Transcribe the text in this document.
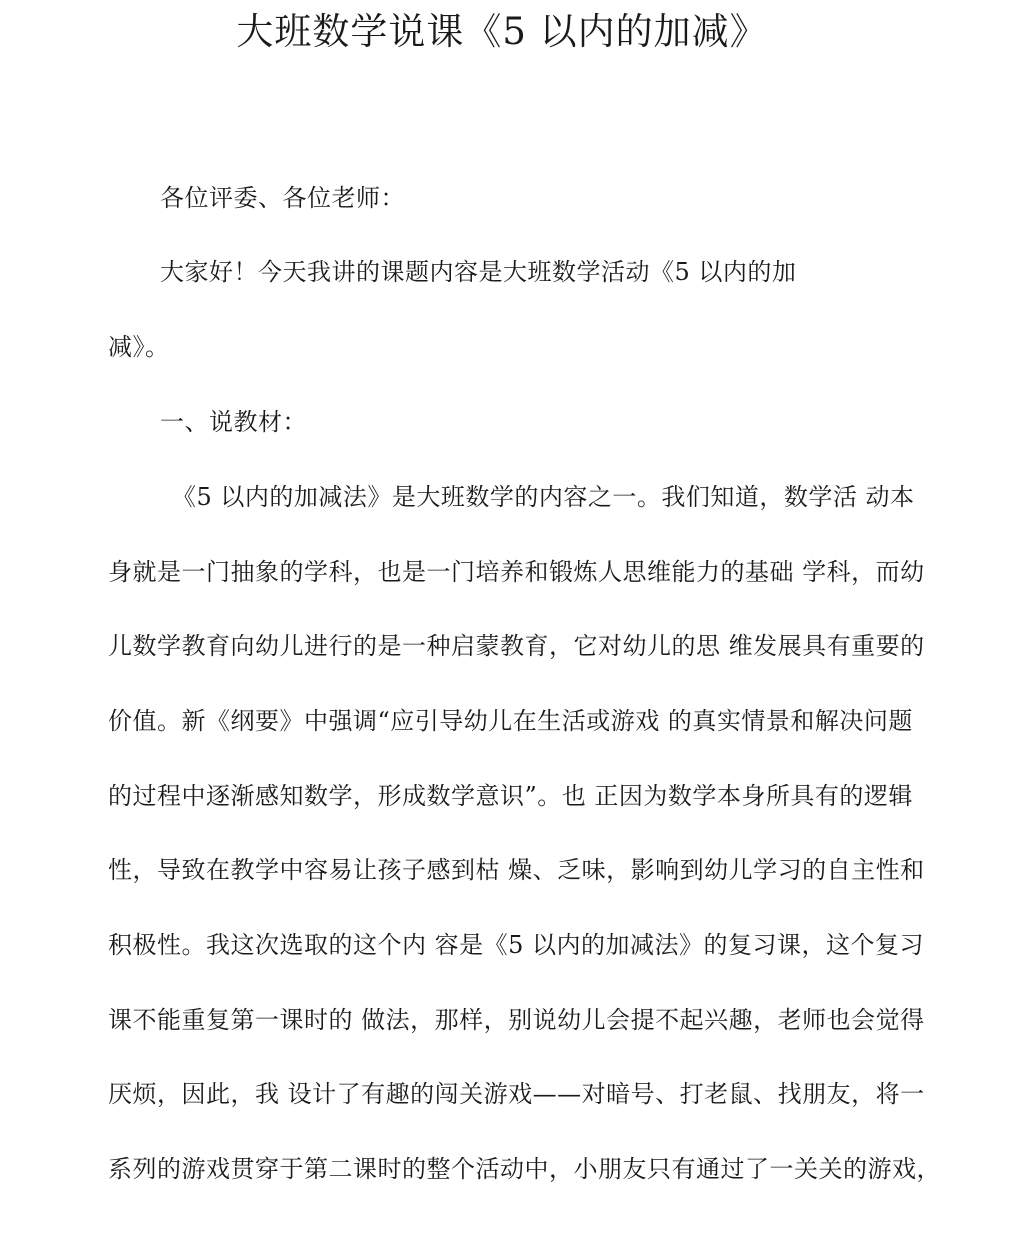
大班数学说课《5 以内的加减》
各位评委、各位老师：
大家好！今天我讲的课题内容是大班数学活动《5 以内的加
减》。
一、说教材：
《5 以内的加减法》是大班数学的内容之一。我们知道，数学活 动本
身就是一门抽象的学科，也是一门培养和锻炼人思维能力的基础 学科，而幼
儿数学教育向幼儿进行的是一种启蒙教育，它对幼儿的思 维发展具有重要的
价值。新《纲要》中强调“应引导幼儿在生活或游戏 的真实情景和解决问题
的过程中逐渐感知数学，形成数学意识”。也 正因为数学本身所具有的逻辑
性，导致在教学中容易让孩子感到枯 燥、乏味，影响到幼儿学习的自主性和
积极性。我这次选取的这个内 容是《5 以内的加减法》的复习课，这个复习
课不能重复第一课时的 做法，那样，别说幼儿会提不起兴趣，老师也会觉得
厌烦，因此，我 设计了有趣的闯关游戏——对暗号、打老鼠、找朋友，将一
系列的游戏贯穿于第二课时的整个活动中，小朋友只有通过了一关关的游戏，
